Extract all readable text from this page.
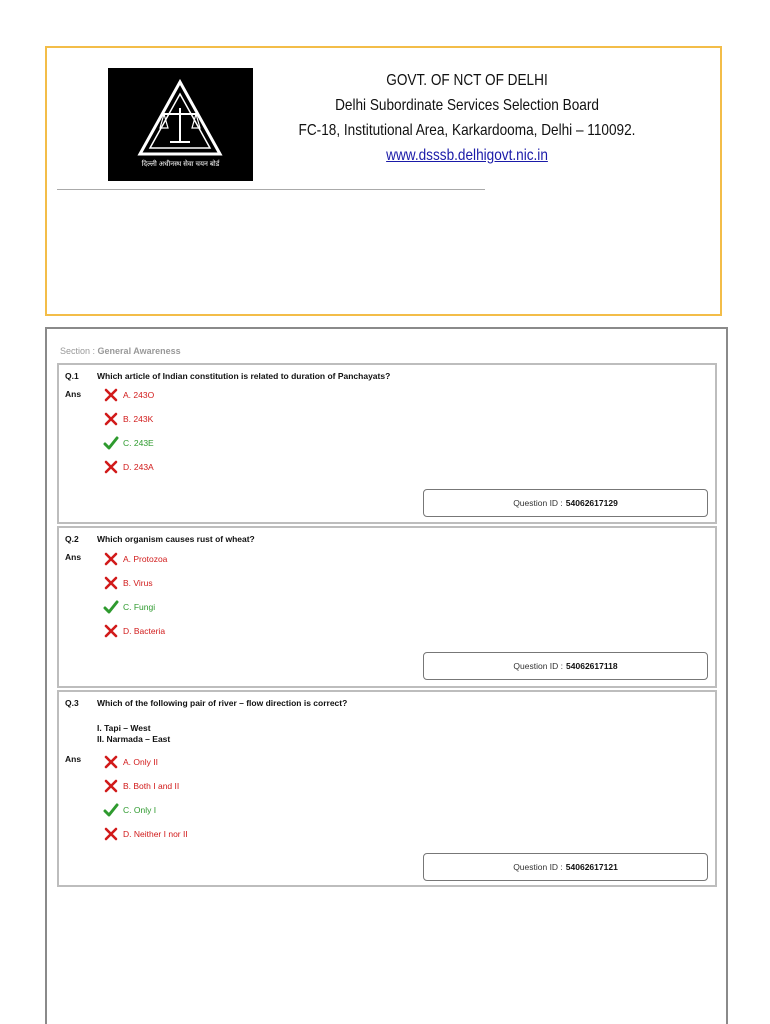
दिल्ली अधीनस्थ सेवा चयन बोर्ड
GOVT. OF NCT OF DELHI
Delhi Subordinate Services Selection Board
FC-18, Institutional Area, Karkardooma, Delhi – 110092.
www.dsssb.delhigovt.nic.in
Section : General Awareness
Q.1 Which article of Indian constitution is related to duration of Panchayats?
Ans	A. 243O
B. 243K
C. 243E
D. 243A
Question ID : 54062617129
Q.2 Which organism causes rust of wheat?
Ans	A. Protozoa
B. Virus
C. Fungi
D. Bacteria
Question ID : 54062617118
Q.3 Which of the following pair of river – flow direction is correct?
I. Tapi – West
II. Narmada – East
Ans	A. Only II
B. Both I and II
C. Only I
D. Neither I nor II
Question ID : 54062617121
